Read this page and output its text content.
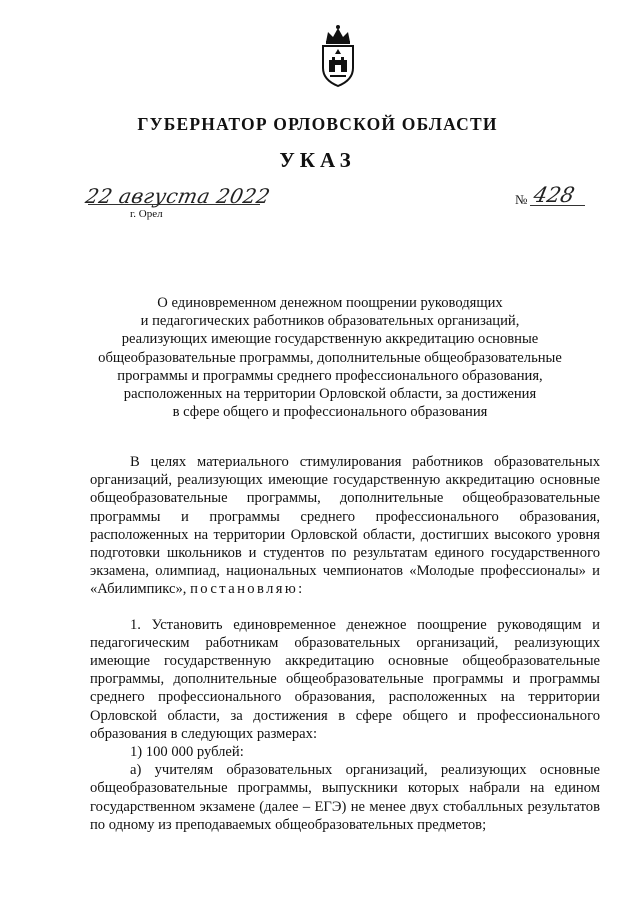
ГУБЕРНАТОР ОРЛОВСКОЙ ОБЛАСТИ
УКАЗ
22 августа 2022
г. Орел
№ 428
О единовременном денежном поощрении руководящих
и педагогических работников образовательных организаций,
реализующих имеющие государственную аккредитацию основные
общеобразовательные программы, дополнительные общеобразовательные
программы и программы среднего профессионального образования,
расположенных на территории Орловской области, за достижения
в сфере общего и профессионального образования

В целях материального стимулирования работников образовательных организаций, реализующих имеющие государственную аккредитацию основные общеобразовательные программы, дополнительные общеобразовательные программы и программы среднего профессионального образования, расположенных на территории Орловской области, достигших высокого уровня подготовки школьников и студентов по результатам единого государственного экзамена, олимпиад, национальных чемпионатов «Молодые профессионалы» и «Абилимпикс», постановляю:

1. Установить единовременное денежное поощрение руководящим и педагогическим работникам образовательных организаций, реализующих имеющие государственную аккредитацию основные общеобразовательные программы, дополнительные общеобразовательные программы и программы среднего профессионального образования, расположенных на территории Орловской области, за достижения в сфере общего и профессионального образования в следующих размерах:

1) 100 000 рублей:

а) учителям образовательных организаций, реализующих основные общеобразовательные программы, выпускники которых набрали на едином государственном экзамене (далее – ЕГЭ) не менее двух стобалльных результатов по одному из преподаваемых общеобразовательных предметов;
